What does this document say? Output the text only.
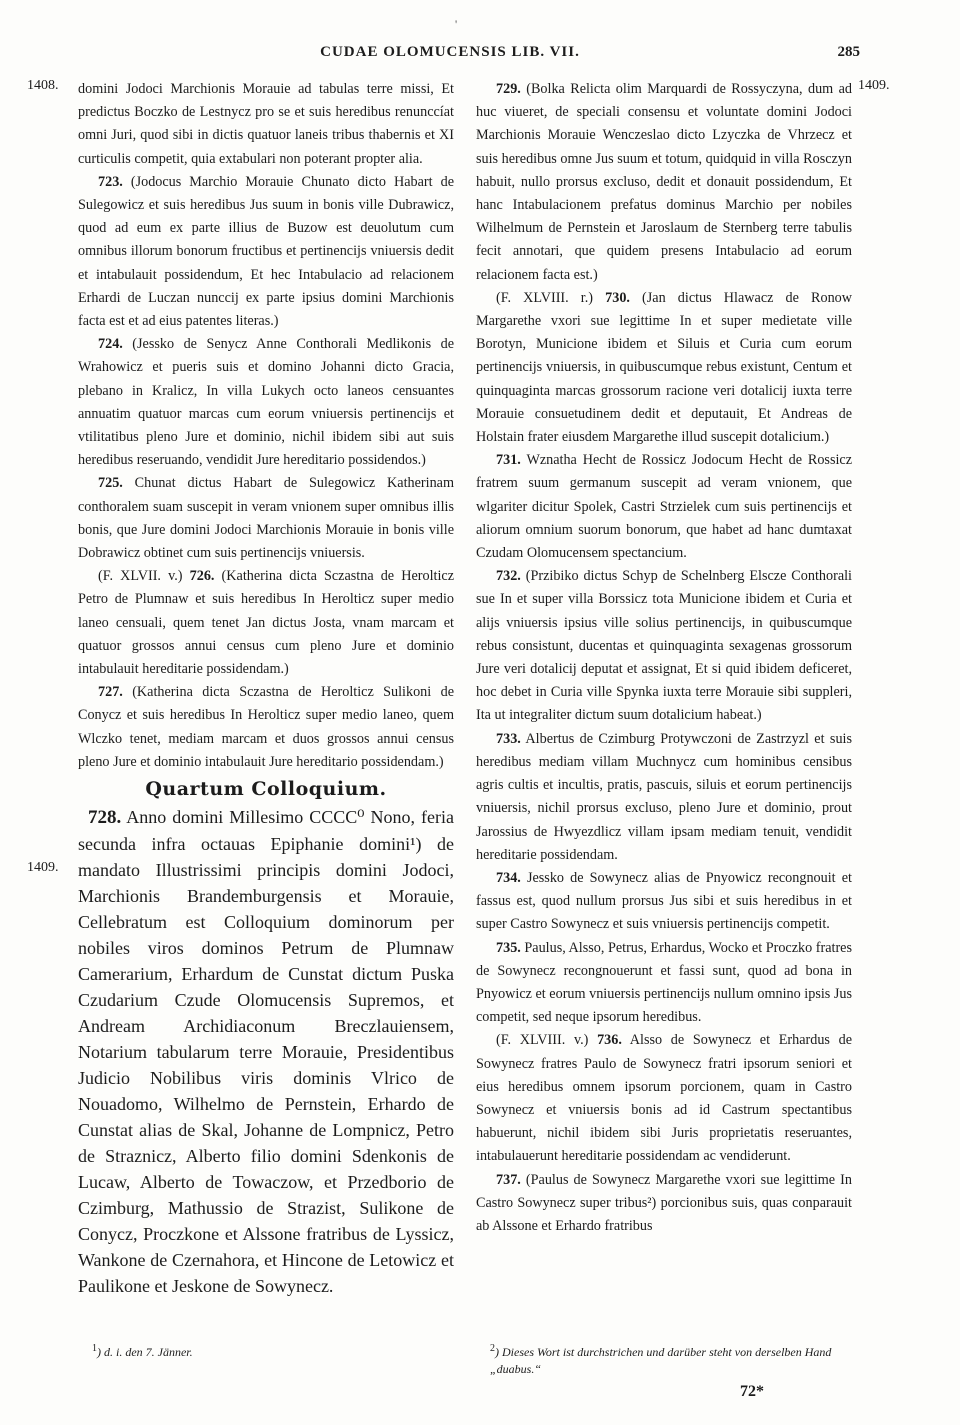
'
CUDAE OLOMUCENSIS LIB. VII.	285
1408.	1409.
1409.

domini Jodoci Marchionis Morauie ad tabulas terre missi, Et predictus Boczko de Lestnycz pro se et suis heredibus renunccíat omni Juri, quod sibi in dictis quatuor laneis tribus thabernis et XI curticulis competit, quia extabulari non poterant propter alia.

723. (Jodocus Marchio Morauie Chunato dicto Habart de Sulegowicz et suis heredibus Jus suum in bonis ville Dubrawicz, quod ad eum ex parte illius de Buzow est deuolutum cum omnibus illorum bonorum fructibus et pertinencijs vniuersis dedit et intabulauit possidendum, Et hec Intabulacio ad relacionem Erhardi de Luczan nunccij ex parte ipsius domini Marchionis facta est et ad eius patentes literas.)

724. (Jessko de Senycz Anne Conthorali Medlikonis de Wrahowicz et pueris suis et domino Johanni dicto Gracia, plebano in Kralicz, In villa Lukych octo laneos censuantes annuatim quatuor marcas cum eorum vniuersis pertinencijs et vtilitatibus pleno Jure et dominio, nichil ibidem sibi aut suis heredibus reseruando, vendidit Jure hereditario possidendos.)

725. Chunat dictus Habart de Sulegowicz Katherinam conthoralem suam suscepit in veram vnionem super omnibus illis bonis, que Jure domini Jodoci Marchionis Morauie in bonis ville Dobrawicz obtinet cum suis pertinencijs vniuersis.

(F. XLVII. v.) 726. (Katherina dicta Sczastna de Herolticz Petro de Plumnaw et suis heredibus In Herolticz super medio laneo censuali, quem tenet Jan dictus Josta, vnam marcam et quatuor grossos annui census cum pleno Jure et dominio intabulauit hereditarie possidendam.)

727. (Katherina dicta Sczastna de Herolticz Sulikoni de Conycz et suis heredibus In Herolticz super medio laneo, quem Wlczko tenet, mediam marcam et duos grossos annui census pleno Jure et dominio intabulauit Jure hereditario possidendam.)

Quartum Colloquium.

728. Anno domini Millesimo CCCC⁰ Nono, feria secunda infra octauas Epiphanie domini¹) de mandato Illustrissimi principis domini Jodoci, Marchionis Brandemburgensis et Morauie, Cellebratum est Colloquium dominorum per nobiles viros dominos Petrum de Plumnaw Camerarium, Erhardum de Cunstat dictum Puska Czudarium Czude Olomucensis Supremos, et Andream Archidiaconum Breczlauiensem, Notarium tabularum terre Morauie, Presidentibus Judicio Nobilibus viris dominis Vlrico de Nouadomo, Wilhelmo de Pernstein, Erhardo de Cunstat alias de Skal, Johanne de Lompnicz, Petro de Straznicz, Alberto filio domini Sdenkonis de Lucaw, Alberto de Towaczow, et Przedborio de Czimburg, Mathussio de Strazist, Sulikone de Conycz, Proczkone et Alssone fratribus de Lyssicz, Wankone de Czernahora, et Hincone de Letowicz et Paulikone et Jeskone de Sowynecz.

729. (Bolka Relicta olim Marquardi de Rossyczyna, dum ad huc viueret, de speciali consensu et voluntate domini Jodoci Marchionis Morauie Wenczeslao dicto Lzyczka de Vhrzecz et suis heredibus omne Jus suum et totum, quidquid in villa Rosczyn habuit, nullo prorsus excluso, dedit et donauit possidendum, Et hanc Intabulacionem prefatus dominus Marchio per nobiles Wilhelmum de Pernstein et Jaroslaum de Sternberg terre tabulis fecit annotari, que quidem presens Intabulacio ad eorum relacionem facta est.)

(F. XLVIII. r.) 730. (Jan dictus Hlawacz de Ronow Margarethe vxori sue legittime In et super medietate ville Borotyn, Municione ibidem et Siluis et Curia cum eorum pertinencijs vniuersis, in quibuscumque rebus existunt, Centum et quinquaginta marcas grossorum racione veri dotalicij iuxta terre Morauie consuetudinem dedit et deputauit, Et Andreas de Holstain frater eiusdem Margarethe illud suscepit dotalicium.)

731. Wznatha Hecht de Rossicz Jodocum Hecht de Rossicz fratrem suum germanum suscepit ad veram vnionem, que wlgariter dicitur Spolek, Castri Strzielek cum suis pertinencijs et aliorum omnium suorum bonorum, que habet ad hanc dumtaxat Czudam Olomucensem spectancium.

732. (Przibiko dictus Schyp de Schelnberg Elscze Conthorali sue In et super villa Borssicz tota Municione ibidem et Curia et alijs vniuersis ipsius ville solius pertinencijs, in quibuscumque rebus consistunt, ducentas et quinquaginta sexagenas grossorum Jure veri dotalicij deputat et assignat, Et si quid ibidem deficeret, hoc debet in Curia ville Spynka iuxta terre Morauie sibi suppleri, Ita ut integraliter dictum suum dotalicium habeat.)

733. Albertus de Czimburg Protywczoni de Zastrzyzl et suis heredibus mediam villam Muchnycz cum hominibus censibus agris cultis et incultis, pratis, pascuis, siluis et eorum pertinencijs vniuersis, nichil prorsus excluso, pleno Jure et dominio, prout Jarossius de Hwyezdlicz villam ipsam mediam tenuit, vendidit hereditarie possidendam.

734. Jessko de Sowynecz alias de Pnyowicz recongnouit et fassus est, quod nullum prorsus Jus sibi et suis heredibus in et super Castro Sowynecz et suis vniuersis pertinencijs competit.

735. Paulus, Alsso, Petrus, Erhardus, Wocko et Proczko fratres de Sowynecz recongnouerunt et fassi sunt, quod ad bona in Pnyowicz et eorum vniuersis pertinencijs nullum omnino ipsis Jus competit, sed neque ipsorum heredibus.

(F. XLVIII. v.) 736. Alsso de Sowynecz et Erhardus de Sowynecz fratres Paulo de Sowynecz fratri ipsorum seniori et eius heredibus omnem ipsorum porcionem, quam in Castro Sowynecz et vniuersis bonis ad id Castrum spectantibus habuerunt, nichil ibidem sibi Juris proprietatis reseruantes, intabulauerunt hereditarie possidendam ac vendiderunt.

737. (Paulus de Sowynecz Margarethe vxori sue legittime In Castro Sowynecz super tribus²) porcionibus suis, quas conparauit ab Alssone et Erhardo fratribus

$^1$) d. i. den 7. Jänner.	$^2$) Dieses Wort ist durchstrichen und darüber steht von derselben Hand „duabus.“
72*
